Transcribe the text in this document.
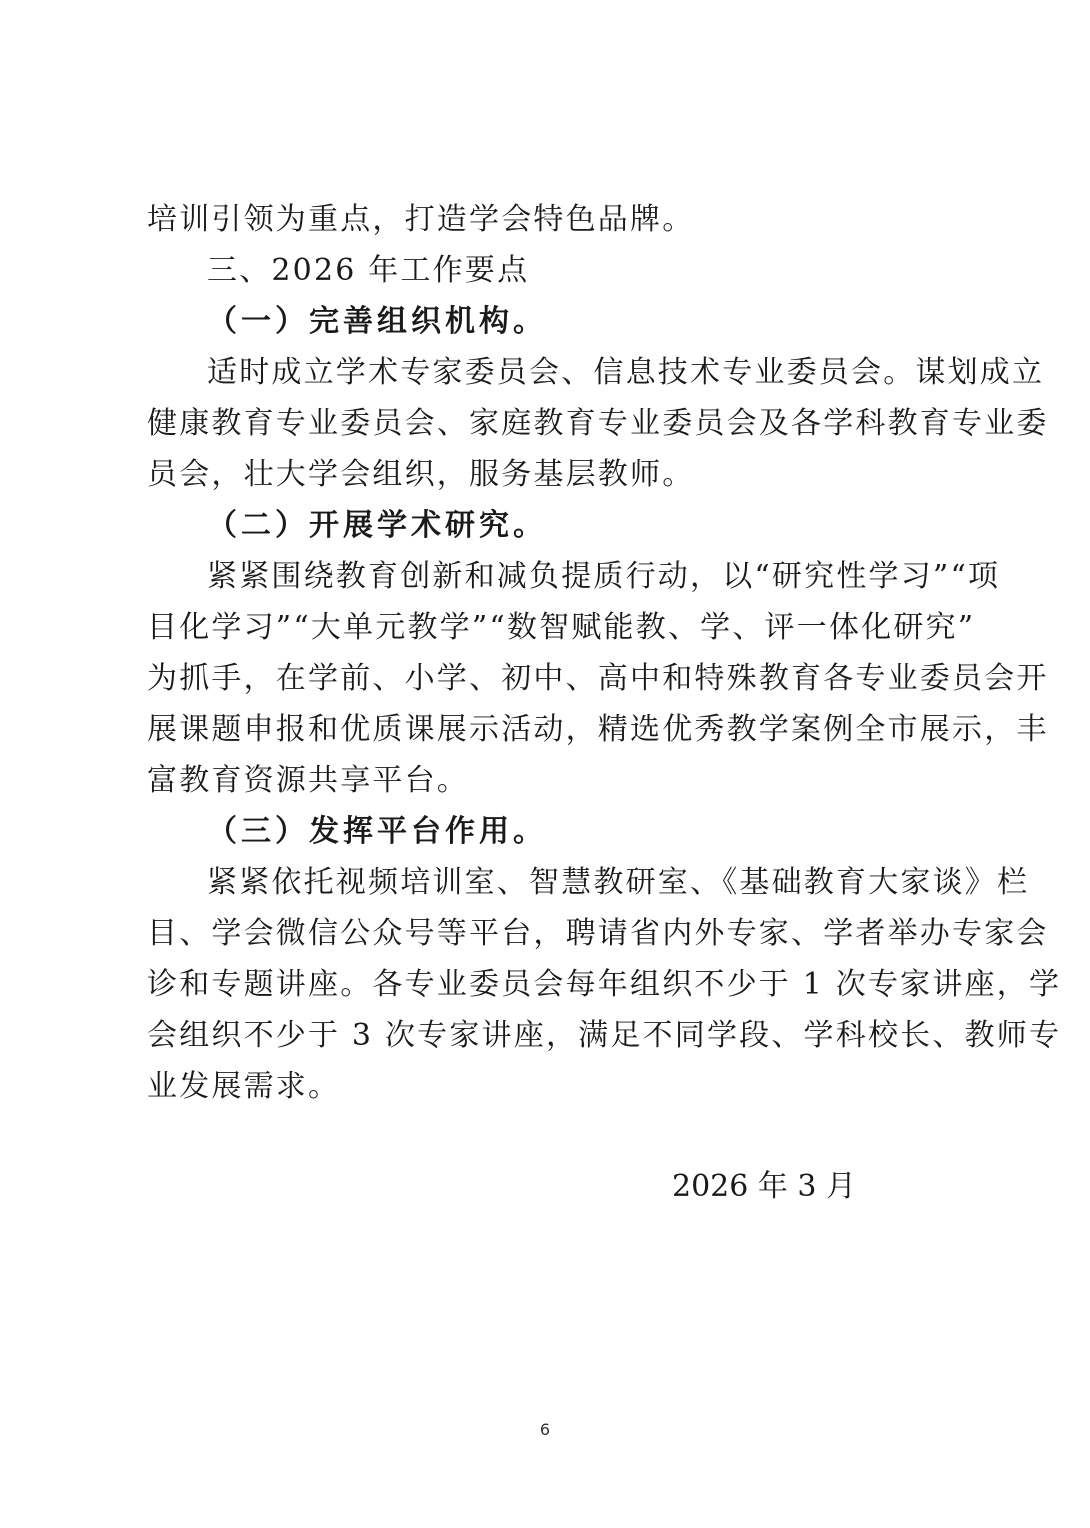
培训引领为重点，打造学会特色品牌。
三、2026 年工作要点
（一）完善组织机构。
适时成立学术专家委员会、信息技术专业委员会。谋划成立
健康教育专业委员会、家庭教育专业委员会及各学科教育专业委
员会，壮大学会组织，服务基层教师。
（二）开展学术研究。
紧紧围绕教育创新和减负提质行动，以“研究性学习”“项
目化学习”“大单元教学”“数智赋能教、学、评一体化研究”
为抓手，在学前、小学、初中、高中和特殊教育各专业委员会开
展课题申报和优质课展示活动，精选优秀教学案例全市展示，丰
富教育资源共享平台。
（三）发挥平台作用。
紧紧依托视频培训室、智慧教研室、《基础教育大家谈》栏
目、学会微信公众号等平台，聘请省内外专家、学者举办专家会
诊和专题讲座。各专业委员会每年组织不少于 1 次专家讲座，学
会组织不少于 3 次专家讲座，满足不同学段、学科校长、教师专
业发展需求。
2026 年 3 月
6
